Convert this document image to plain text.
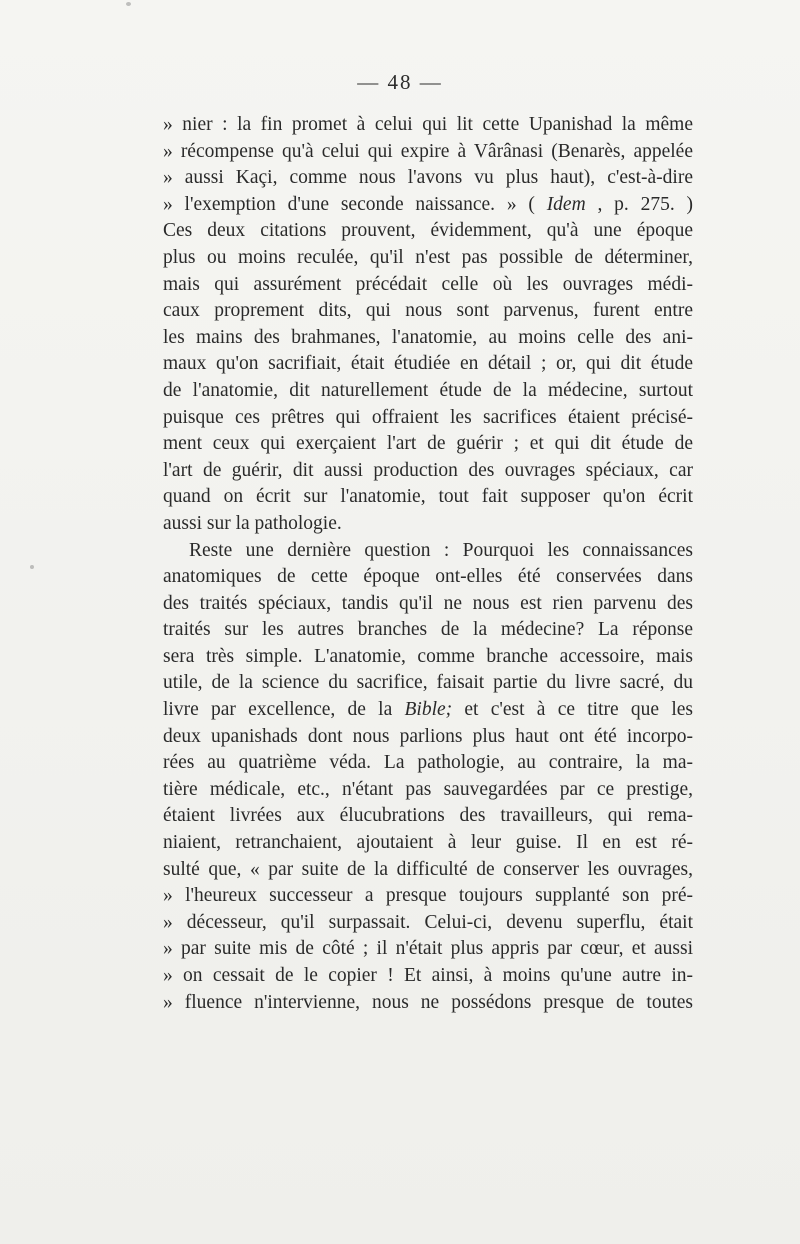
— 48 —
» nier : la fin promet à celui qui lit cette Upanishad la même
» récompense qu'à celui qui expire à Vârânasi (Benarès, appelée
» aussi Kaçi, comme nous l'avons vu plus haut), c'est-à-dire
» l'exemption d'une seconde naissance. » ( Idem , p. 275. )
Ces deux citations prouvent, évidemment, qu'à une époque
plus ou moins reculée, qu'il n'est pas possible de déterminer,
mais qui assurément précédait celle où les ouvrages médi-
caux proprement dits, qui nous sont parvenus, furent entre
les mains des brahmanes, l'anatomie, au moins celle des ani-
maux qu'on sacrifiait, était étudiée en détail ; or, qui dit étude
de l'anatomie, dit naturellement étude de la médecine, surtout
puisque ces prêtres qui offraient les sacrifices étaient précisé-
ment ceux qui exerçaient l'art de guérir ; et qui dit étude de
l'art de guérir, dit aussi production des ouvrages spéciaux, car
quand on écrit sur l'anatomie, tout fait supposer qu'on écrit
aussi sur la pathologie.
Reste une dernière question : Pourquoi les connaissances
anatomiques de cette époque ont-elles été conservées dans
des traités spéciaux, tandis qu'il ne nous est rien parvenu des
traités sur les autres branches de la médecine? La réponse
sera très simple. L'anatomie, comme branche accessoire, mais
utile, de la science du sacrifice, faisait partie du livre sacré, du
livre par excellence, de la Bible; et c'est à ce titre que les
deux upanishads dont nous parlions plus haut ont été incorpo-
rées au quatrième véda. La pathologie, au contraire, la ma-
tière médicale, etc., n'étant pas sauvegardées par ce prestige,
étaient livrées aux élucubrations des travailleurs, qui rema-
niaient, retranchaient, ajoutaient à leur guise. Il en est ré-
sulté que, « par suite de la difficulté de conserver les ouvrages,
» l'heureux successeur a presque toujours supplanté son pré-
» décesseur, qu'il surpassait. Celui-ci, devenu superflu, était
» par suite mis de côté ; il n'était plus appris par cœur, et aussi
» on cessait de le copier ! Et ainsi, à moins qu'une autre in-
» fluence n'intervienne, nous ne possédons presque de toutes
